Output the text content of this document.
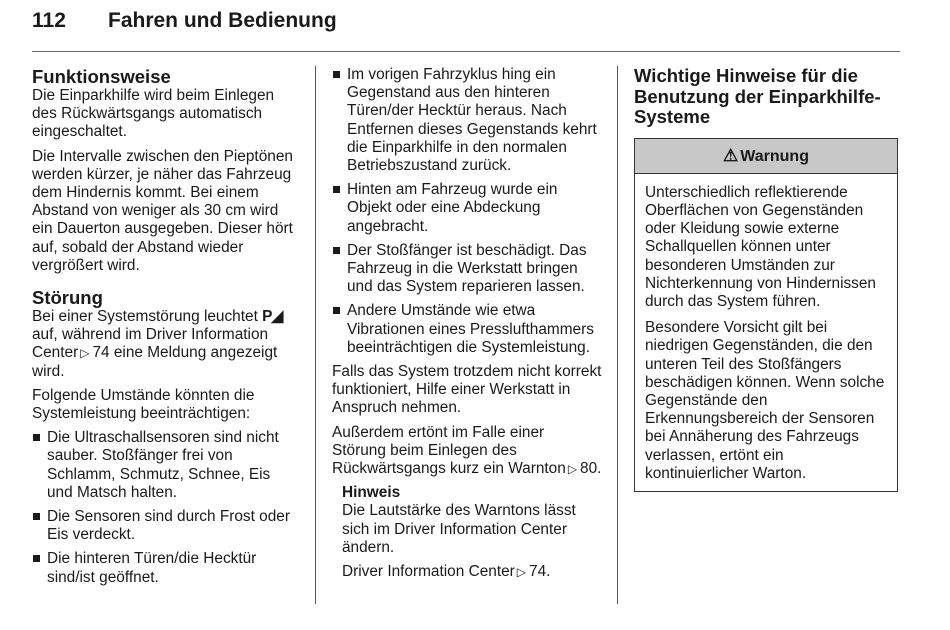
112 Fahren und Bedienung
Funktionsweise

Die Einparkhilfe wird beim Einlegen des Rückwärtsgangs automatisch eingeschaltet.

Die Intervalle zwischen den Pieptönen werden kürzer, je näher das Fahrzeug dem Hindernis kommt. Bei einem Abstand von weniger als 30 cm wird ein Dauerton ausgegeben. Dieser hört auf, sobald der Abstand wieder vergrößert wird.

Störung

Bei einer Systemstörung leuchtet P◢ auf, während im Driver Information Center ▷ 74 eine Meldung angezeigt wird.

Folgende Umstände könnten die Systemleistung beeinträchtigen:

Die Ultraschallsensoren sind nicht sauber. Stoßfänger frei von Schlamm, Schmutz, Schnee, Eis und Matsch halten.
Die Sensoren sind durch Frost oder Eis verdeckt.
Die hinteren Türen/die Hecktür sind/ist geöffnet.
Im vorigen Fahrzyklus hing ein Gegenstand aus den hinteren Türen/der Hecktür heraus. Nach Entfernen dieses Gegenstands kehrt die Einparkhilfe in den normalen Betriebszustand zurück.
Hinten am Fahrzeug wurde ein Objekt oder eine Abdeckung angebracht.
Der Stoßfänger ist beschädigt. Das Fahrzeug in die Werkstatt bringen und das System reparieren lassen.
Andere Umstände wie etwa Vibrationen eines Presslufthammers beeinträchtigen die Systemleistung.

Falls das System trotzdem nicht korrekt funktioniert, Hilfe einer Werkstatt in Anspruch nehmen.

Außerdem ertönt im Falle einer Störung beim Einlegen des Rückwärtsgangs kurz ein Warnton ▷ 80.

Hinweis

Die Lautstärke des Warntons lässt sich im Driver Information Center ändern.

Driver Information Center ▷ 74.

Wichtige Hinweise für die Benutzung der Einparkhilfe-Systeme
⚠ Warnung

Unterschiedlich reflektierende Oberflächen von Gegenständen oder Kleidung sowie externe Schallquellen können unter besonderen Umständen zur Nichterkennung von Hindernissen durch das System führen.

Besondere Vorsicht gilt bei niedrigen Gegenständen, die den unteren Teil des Stoßfängers beschädigen können. Wenn solche Gegenstände den Erkennungsbereich der Sensoren bei Annäherung des Fahrzeugs verlassen, ertönt ein kontinuierlicher Warton.
